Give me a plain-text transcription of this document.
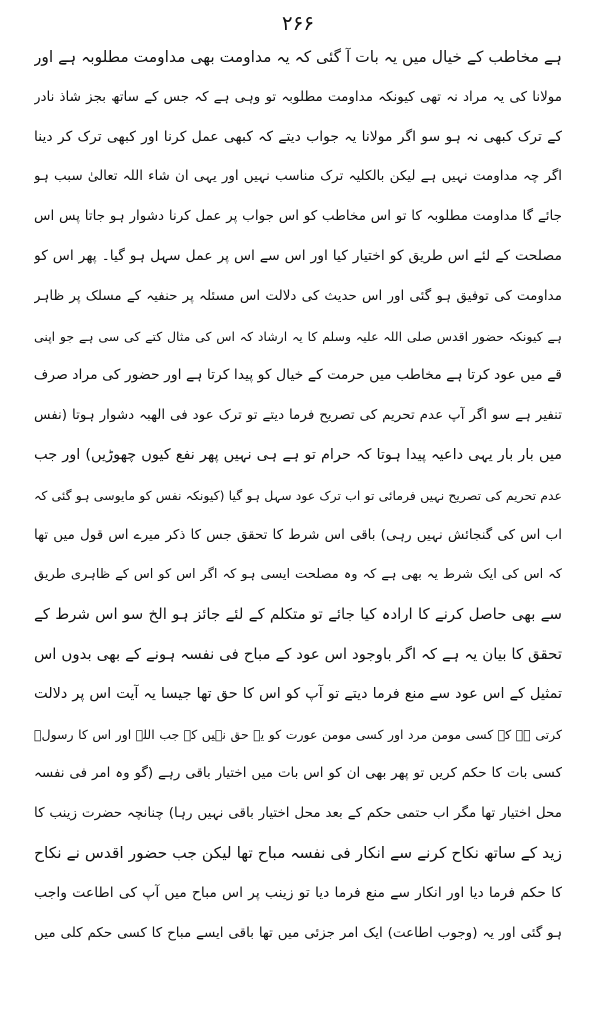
۲۶۶
ہے مخاطب کے خیال میں یہ بات آ گئی کہ یہ مداومت بھی مداومت مطلوبہ ہے اور
مولانا کی یہ مراد نہ تھی کیونکہ مداومت مطلوبہ تو وہی ہے کہ جس کے ساتھ بجز شاذ نادر
کے ترک کبھی نہ ہو سو اگر مولانا یہ جواب دیتے کہ کبھی عمل کرنا اور کبھی ترک کر دینا
اگر چہ مداومت نہیں ہے لیکن بالکلیہ ترک مناسب نہیں اور یہی ان شاء اللہ تعالیٰ سبب ہو
جائے گا مداومت مطلوبہ کا تو اس مخاطب کو اس جواب پر عمل کرنا دشوار ہو جاتا پس اس
مصلحت کے لئے اس طریق کو اختیار کیا اور اس سے اس پر عمل سہل ہو گیا۔ پھر اس کو
مداومت کی توفیق ہو گئی اور اس حدیث کی دلالت اس مسئلہ پر حنفیہ کے مسلک پر ظاہر
ہے کیونکہ حضور اقدس صلی اللہ علیہ وسلم کا یہ ارشاد کہ اس کی مثال کتے کی سی ہے جو اپنی
قے میں عود کرتا ہے مخاطب میں حرمت کے خیال کو پیدا کرتا ہے اور حضور کی مراد صرف
تنفیر ہے سو اگر آپ عدم تحریم کی تصریح فرما دیتے تو ترک عود فی الھبہ دشوار ہوتا (نفس
میں بار بار یہی داعیہ پیدا ہوتا کہ حرام تو ہے ہی نہیں پھر نفع کیوں چھوڑیں) اور جب
عدم تحریم کی تصریح نہیں فرمائی تو اب ترک عود سہل ہو گیا (کیونکہ نفس کو مایوسی ہو گئی کہ
اب اس کی گنجائش نہیں رہی) باقی اس شرط کا تحقق جس کا ذکر میرے اس قول میں تھا
کہ اس کی ایک شرط یہ بھی ہے کہ وہ مصلحت ایسی ہو کہ اگر اس کو اس کے ظاہری طریق
سے بھی حاصل کرنے کا ارادہ کیا جائے تو متکلم کے لئے جائز ہو الخ سو اس شرط کے
تحقق کا بیان یہ ہے کہ اگر باوجود اس عود کے مباح فی نفسہ ہونے کے بھی بدوں اس
تمثیل کے اس عود سے منع فرما دیتے تو آپ کو اس کا حق تھا جیسا یہ آیت اس پر دلالت
کرتی ہے کہ کسی مومن مرد اور کسی مومن عورت کو یہ حق نہیں کہ جب اللہ اور اس کا رسولؐ
کسی بات کا حکم کریں تو پھر بھی ان کو اس بات میں اختیار باقی رہے (گو وہ امر فی نفسہ
محل اختیار تھا مگر اب حتمی حکم کے بعد محل اختیار باقی نہیں رہا) چنانچہ حضرت زینب کا
زید کے ساتھ نکاح کرنے سے انکار فی نفسہ مباح تھا لیکن جب حضور اقدس نے نکاح
کا حکم فرما دیا اور انکار سے منع فرما دیا تو زینب پر اس مباح میں آپ کی اطاعت واجب
ہو گئی اور یہ (وجوب اطاعت) ایک امر جزئی میں تھا باقی ایسے مباح کا کسی حکم کلی میں
